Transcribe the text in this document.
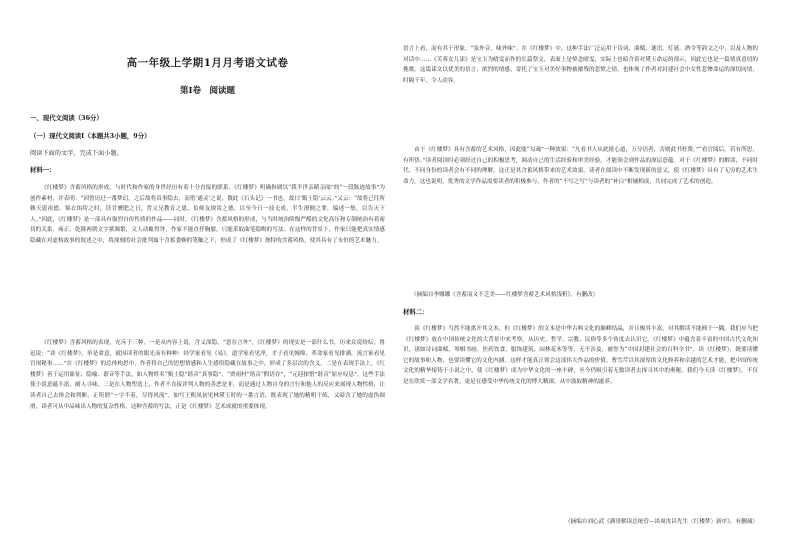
高一年级上学期1月月考语文试卷
第Ⅰ卷　阅读题
一、现代文阅读（36分）
（一）现代文阅读Ⅰ（本题共3小题，9分）
阅读下面的文字，完成下面小题。
材料一：
《红楼梦》含蓄风格的形成，与时代和作家的身世经历有着十分直接的联系。《红楼梦》明确指调以“我半世亲睹亲闻”的“一段陈迹故事”为创作素材，并表明：“因曾历过一番梦幻，之后故将真事隐去，而借‘通灵’之说，撰此《石头记》一书也。故曰‘甄士隐’云云。”又云：“故将已往所赖天恩祖德，锦衣纨绔之时，饫甘餍肥之日，背父兄教育之恩，负师友规谈之德，以至今日一技无成，半生潦倒之罪，编述一集，以告天下人。”因此，《红楼梦》是一部具有强烈自传性质的作品——同时，《红楼梦》含蓄风格的形成，与当时统治阶级严酷的文化高压和专制统治有着密切的关系。雍正、乾隆两朝文字狱频繁，文人动辄得咎，作家不能直抒胸臆，只能采取曲笔隐晦的写法。在这样的背景下，作家只能把真实情感隐藏在对虚构故事的叙述之中，将深刻的社会批判寓于含蓄委婉的笔触之下，形成了《红楼梦》独特的含蓄风格，使其具有了永恒的艺术魅力。
《红楼梦》含蓄风格的表现，充斥于三种，一是从内容上说，含义深隐，“意在言外”。《红楼梦》的现实是一部什么书，历来众说纷纭。鲁迅说：“读《红楼梦》，单是命意，就因读者的眼光而有种种：经学家看见《易》，道学家看见淫，才子看见缠绵，革命家看见排满，流言家看见宫闱秘事……”在《红楼梦》的总体构思中，作者将自己的思想情感和人生感悟隐藏在故事之中，形成了多层次的含义。二是在表现手法上，《红楼梦》善于运用象征、隐喻、谐音等手法，如人物姓名“甄士隐”谐音“真事隐”，“贾雨村”谐音“假语存”，“元迎探惜”谐音“原应叹息”。这些手法使小说意蕴丰富，耐人寻味。三是在人物塑造上，作者不直接评判人物的善恶是非，而是通过人物自身的言行和他人的反应来展现人物性格，让读者自己去体会和判断，正所谓“一字不着，尽得风流”。如写王熙凤初见林黛玉时的一番言语，既表现了她的精明干练，又暗含了她的虚伪圆滑，读者可从中品味出人物的复杂性格。这种含蓄的写法，正是《红楼梦》艺术成就的重要体现。
语言上看，而有其于形象，“弦外音，味外味”。在《红楼梦》中，这种手法广泛运用于诗词、曲赋、谜语、灯谜、酒令等韵文之中，以及人物的对话中……《芙蓉女儿诔》是宝玉为晴雯而作的长篇祭文，表面上是悼念晴雯，实际上也暗含着对黛玉命运的预示，因此它也是一篇情真意切的挽歌。这篇诔文以优美的语言、浓烈的情感，寄托了宝玉对美好事物被摧残的悲愤之情，也体现了作者对封建社会中女性悲惨命运的深切同情，时隔千年，令人动容。
由于《红楼梦》具有含蓄的艺术风格，因此能“勾魂”一种效果：“凡看书人从此批心道，万分语者，否则此书枉费。”“看官阅后，若有所思，有所悟。”读者阅读时必须经过自己的积极思考，调动自己的生活经验和审美经验，才能领会到作品的深层意蕴。对于《红楼梦》的解读，不同时代、不同身份的读者会有不同的理解，这正是其含蓄风格带来的艺术效果。读者在阅读中不断发现新的意义，使《红楼梦》具有了无穷的艺术生命力。这也说明，优秀的文学作品需要读者的积极参与，作者的“不写之写”与读者的“补白”相辅相成，共同完成了艺术的创造。
（摘编自李娜娜《含蓄而又不乏美——红楼梦含蓄艺术风格浅析》，有删改）
材料二：
谈《红楼梦》当然不能离开其文本，但《红楼梦》的文本是中华古典文化的巅峰结晶，并且极其丰富，对其解读不能囿于一隅。我们应当把《红楼梦》放在中国传统文化的大背景中来考察，从历史、哲学、宗教、民俗等多个角度去认识它。《红楼梦》中蕴含着丰富的中国古代文化知识，诸如诗词曲赋、琴棋书画、医药饮食、服饰建筑、园林花木等等，无不涉及，被誉为“中国封建社会的百科全书”。读《红楼梦》，既要读懂它的故事和人物，也要读懂它的文化内涵，这样才能真正领会这部伟大作品的价值。曹雪芹以其深厚的文化修养和卓越的艺术才能，把中国传统文化的精华熔铸于小说之中，使《红楼梦》成为中华文化的一座丰碑，至今仍吸引着无数读者去探寻其中的奥秘。我们今天读《红楼梦》，不仅是在欣赏一部文学名著，更是在感受中华传统文化的博大精深，从中汲取精神的滋养。
（摘编自刘心武《满哥解读总统管—谈周汝昌先生〈红楼梦〉新序》，有删减）
